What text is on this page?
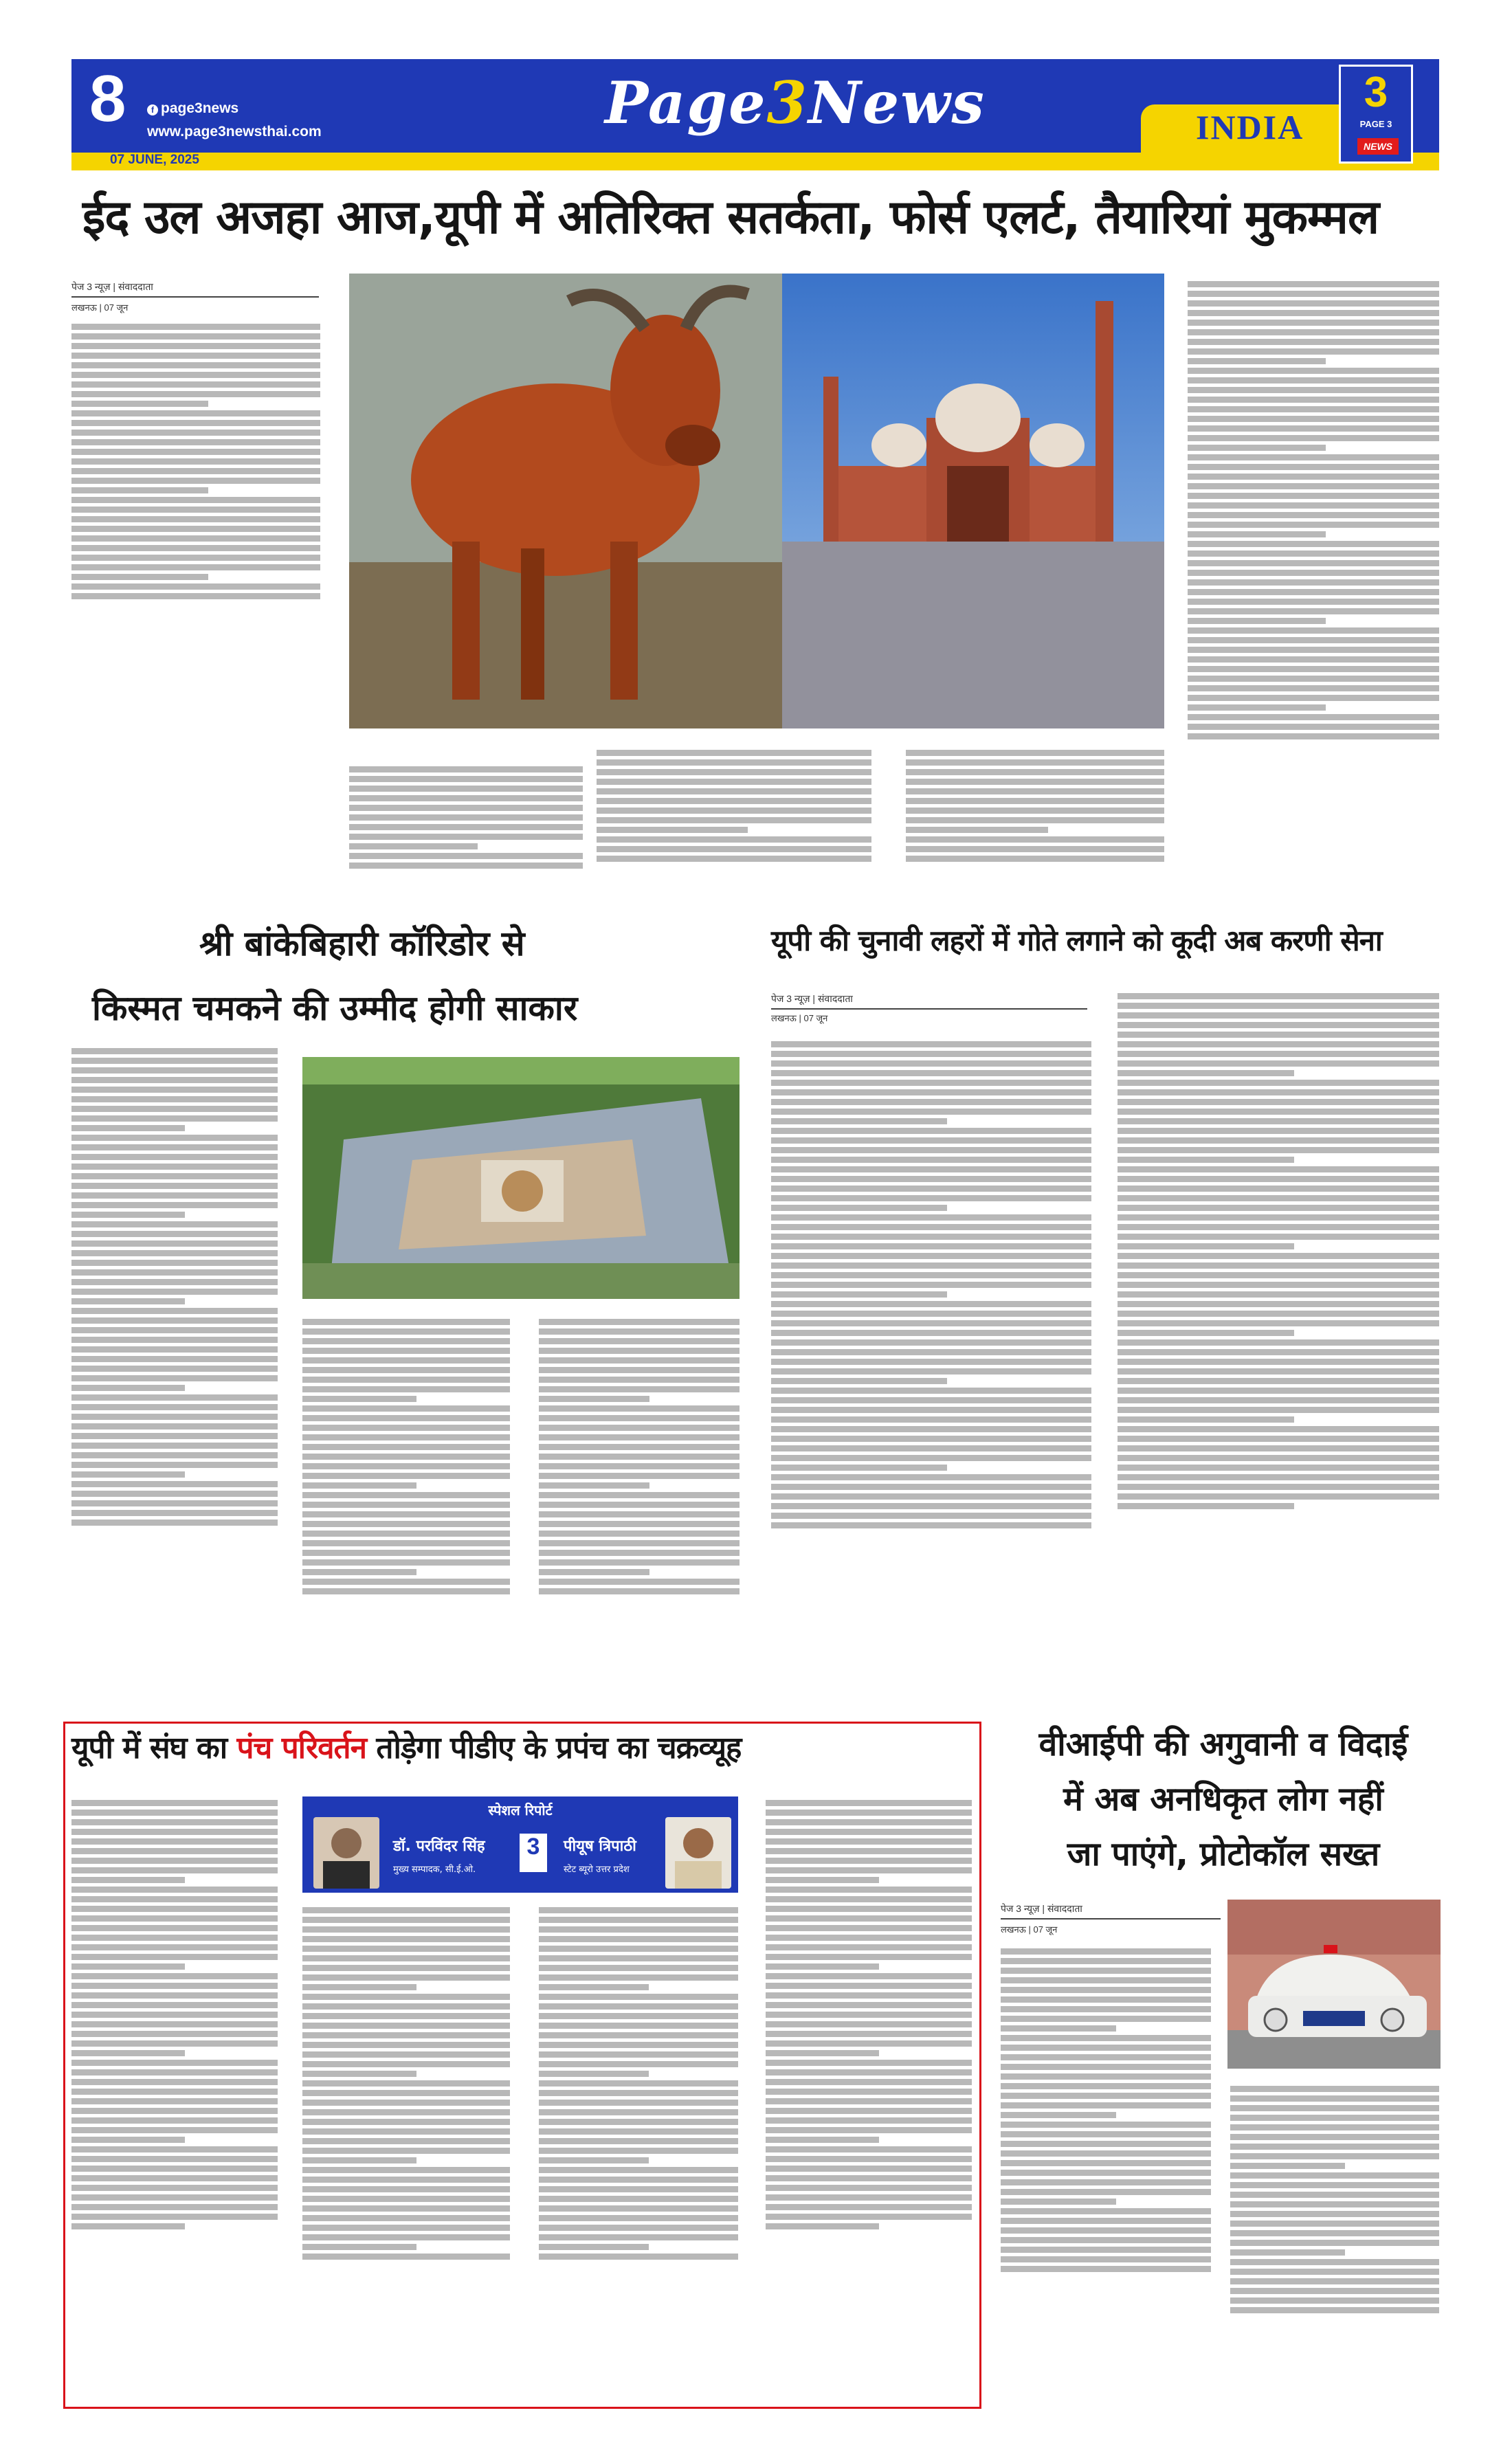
8	f page3news
www.page3newsthai.com
07 JUNE, 2025
Page3News	INDIA
3
PAGE 3
NEWS
ईद उल अजहा आज,यूपी में अतिरिक्त सतर्कता, फोर्स एलर्ट, तैयारियां मुकम्मल
पेज 3 न्यूज़ | संवाददाता
लखनऊ | 07 जून
श्री बांकेबिहारी कॉरिडोर से
किस्मत चमकने की उम्मीद होगी साकार
यूपी की चुनावी लहरों में गोते लगाने को कूदी अब करणी सेना
पेज 3 न्यूज़ | संवाददाता
लखनऊ | 07 जून
यूपी में संघ का पंच परिवर्तन तोड़ेगा पीडीए के प्रपंच का चक्रव्यूह
स्पेशल रिपोर्ट
डॉ. परविंदर सिंह
मुख्य सम्पादक, सी.ई.ओ.
3	पीयूष त्रिपाठी
स्टेट ब्यूरो उत्तर प्रदेश
वीआईपी की अगुवानी व विदाई
में अब अनधिकृत लोग नहीं
जा पाएंगे, प्रोटोकॉल सख्त
पेज 3 न्यूज़ | संवाददाता
लखनऊ | 07 जून
